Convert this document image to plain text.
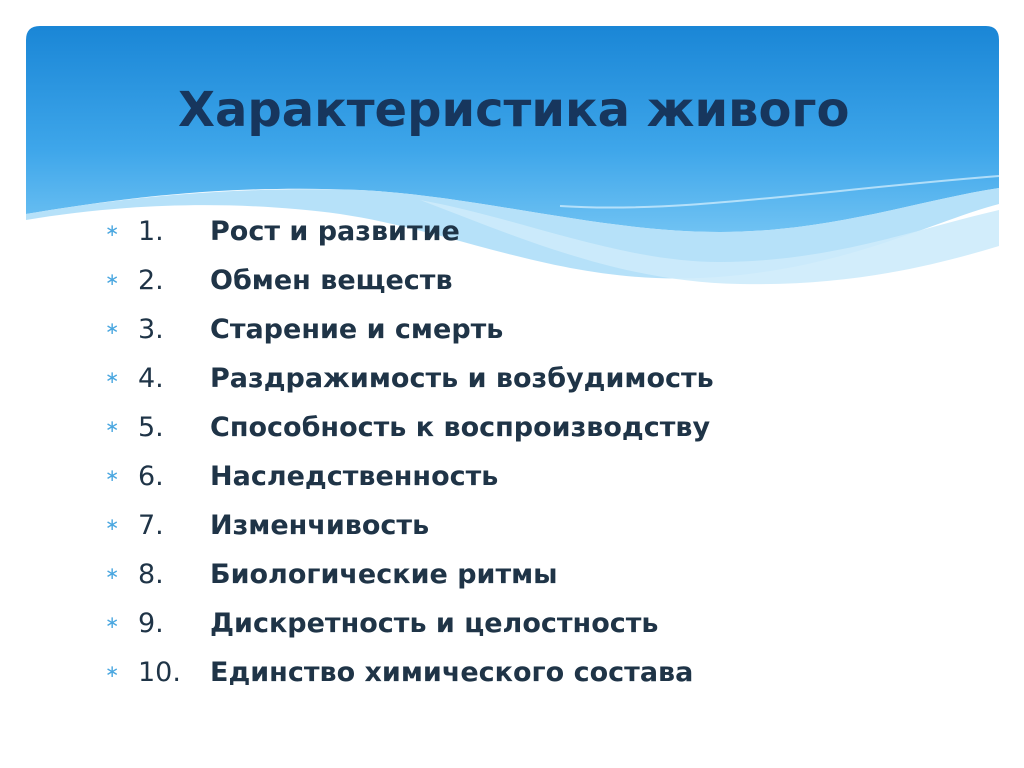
Характеристика живого
∗ 1. Рост и развитие
∗ 2. Обмен веществ
∗ 3. Старение и смерть
∗ 4. Раздражимость и возбудимость
∗ 5. Способность к воспроизводству
∗ 6. Наследственность
∗ 7. Изменчивость
∗ 8. Биологические ритмы
∗ 9. Дискретность и целостность
∗ 10. Единство химического состава
